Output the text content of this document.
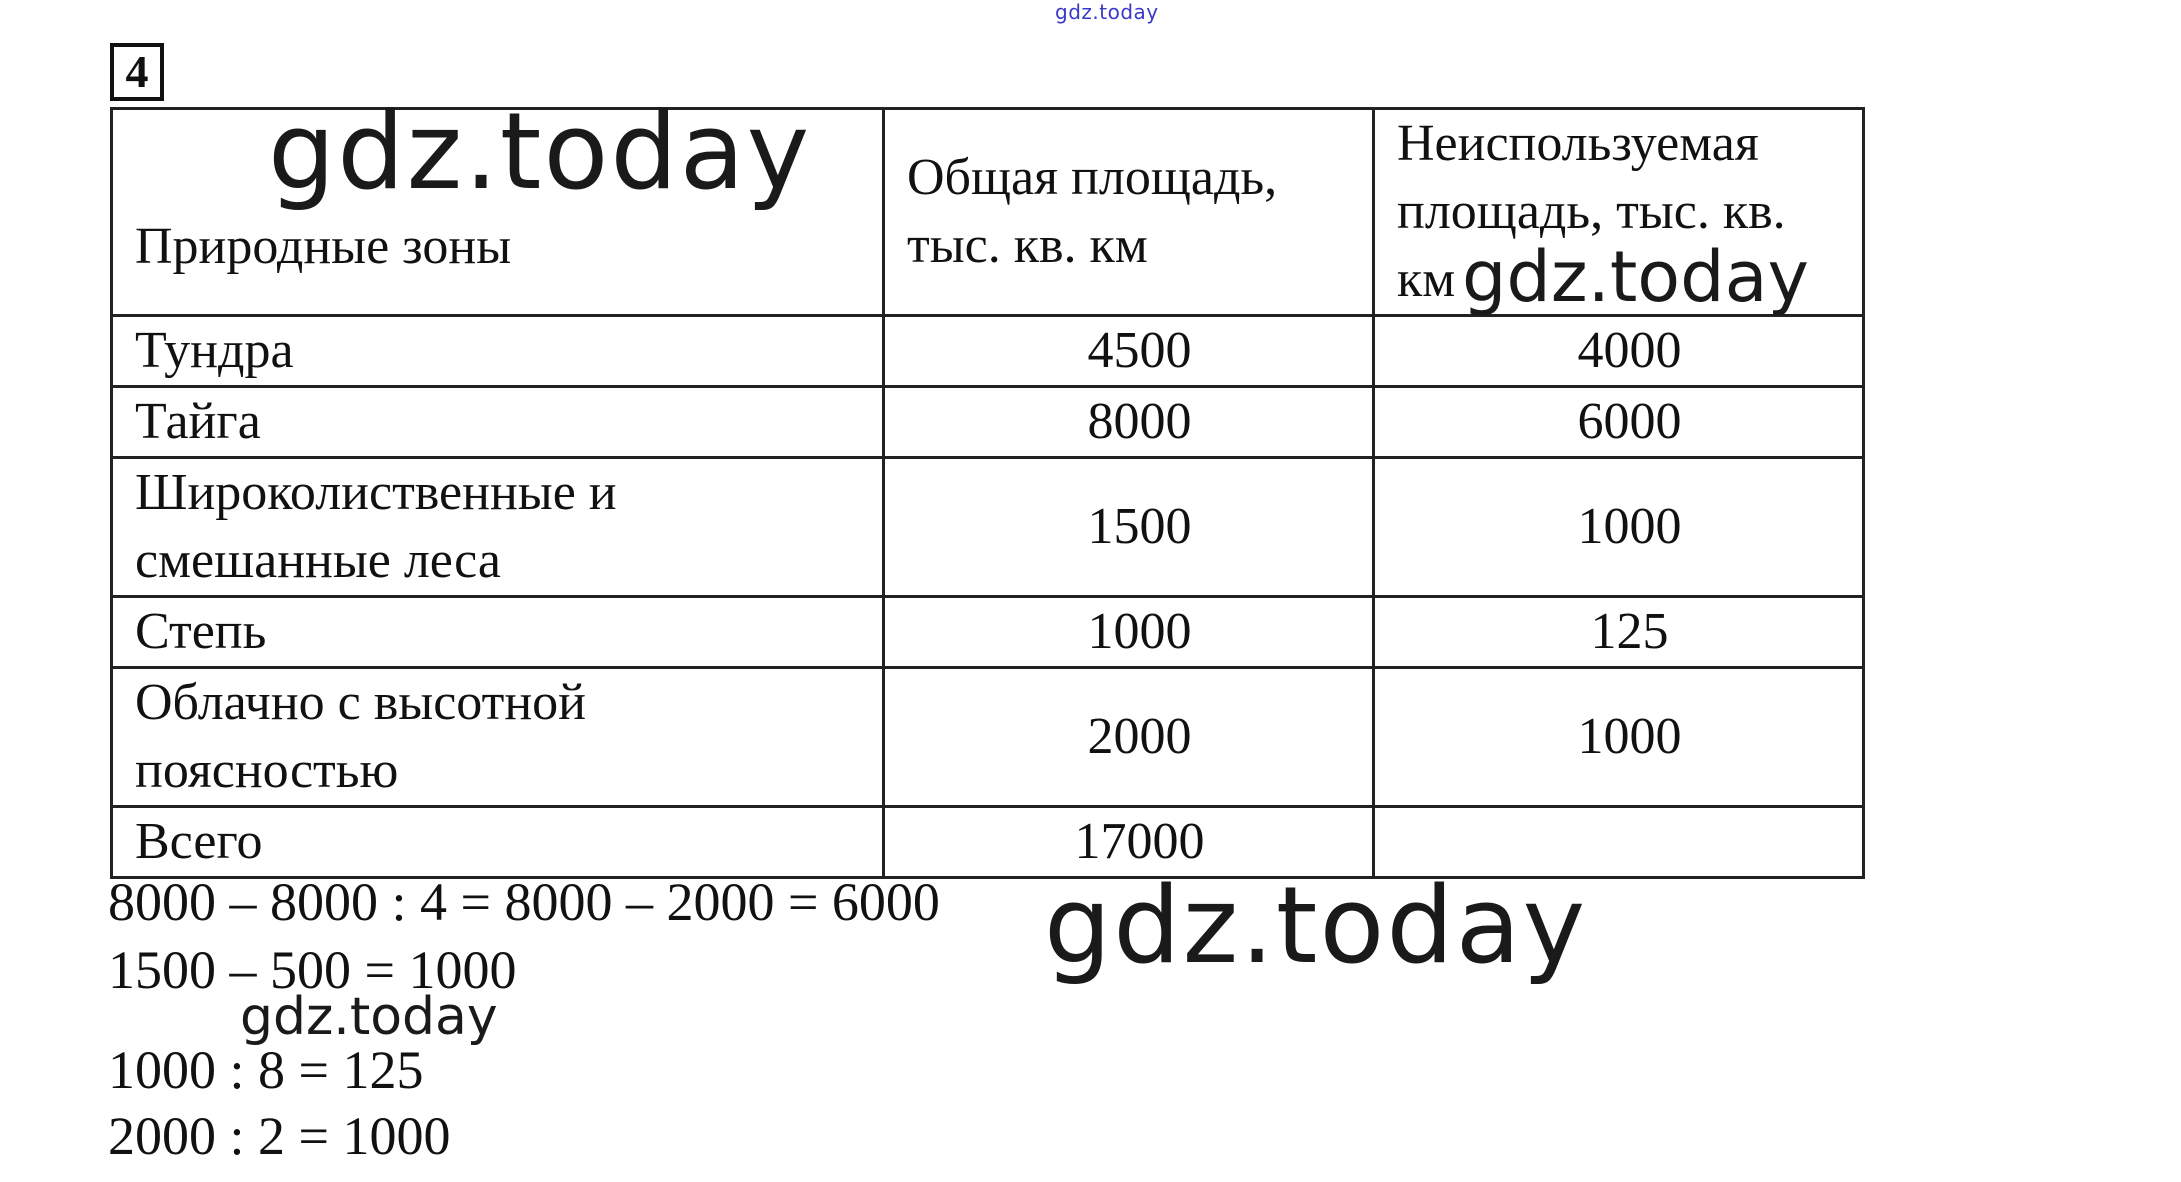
gdz.today
4
Природные зоны	Общая площадь, тыс. кв. км	Неиспользуемая площадь, тыс. кв. км

Тундра	4500	4000
Тайга	8000	6000
Широколиственные и смешанные леса	1500	1000
Степь	1000	125
Облачно с высотной поясностью	2000	1000
Всего	17000	
8000 – 8000 : 4 = 8000 – 2000 = 6000
1500 – 500 = 1000
1000 : 8 = 125
2000 : 2 = 1000
gdz.today
gdz.today
gdz.today
gdz.today
